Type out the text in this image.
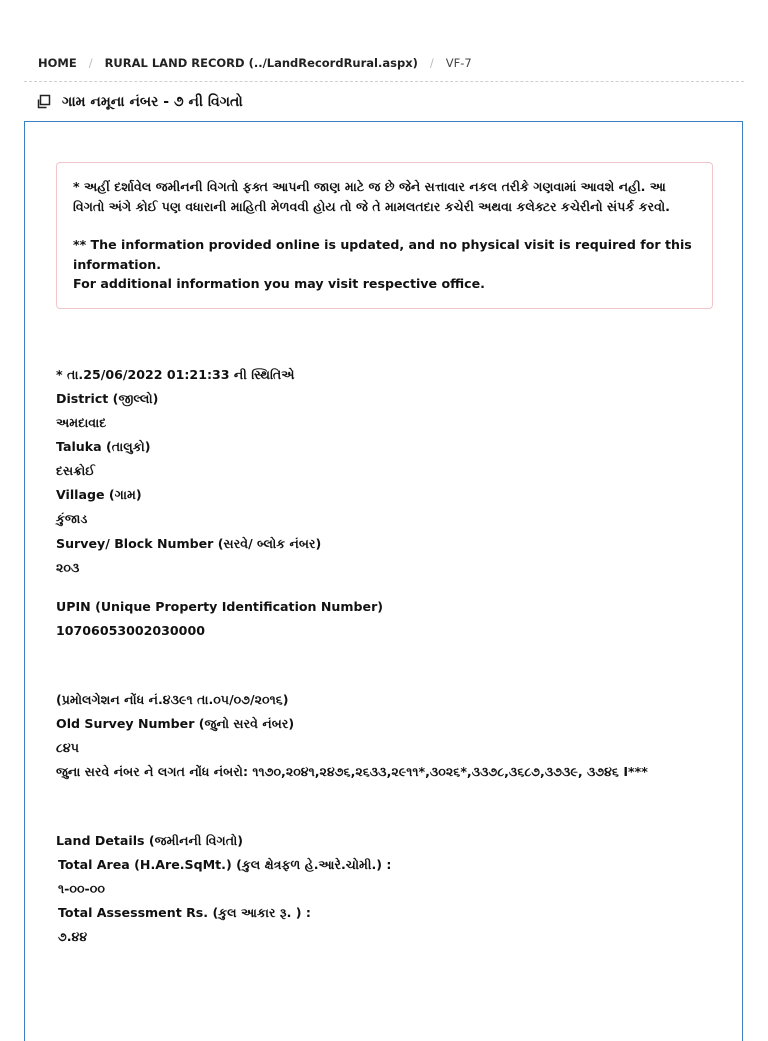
HOME / RURAL LAND RECORD (../LandRecordRural.aspx) / VF-7
ગામ નમૂના નંબર - ૭ ની વિગતો

* અહીં દર્શાવેલ જમીનની વિગતો ફક્ત આપની જાણ માટે જ છે જેને સત્તાવાર નકલ તરીકે ગણવામાં આવશે નહી. આ વિગતો અંગે કોઈ પણ વધારાની માહિતી મેળવવી હોય તો જે તે મામલતદાર કચેરી અથવા કલેક્ટર કચેરીનો સંપર્ક કરવો.

** The information provided online is updated, and no physical visit is required for this information.

For additional information you may visit respective office.

* તા.25/06/2022 01:21:33 ની સ્થિતિએ
District (જીલ્લો)
અમદાવાદ
Taluka (તાલુકો)
દસક્રોઈ
Village (ગામ)
કુંજાડ
Survey/ Block Number (સરવે/ બ્લોક નંબર)
૨૦૩
UPIN (Unique Property Identification Number)
10706053002030000
(પ્રમોલગેશન નોંધ નં.૪૩૯૧ તા.૦૫/૦૭/૨૦૧૬)
Old Survey Number (જુનો સરવે નંબર)
૮૪૫
જુના સરવે નંબર ને લગત નોંધ નંબરો: ૧૧૭૦,૨૦૪૧,૨૪૭૬,૨૬૩૩,૨૯૧૧*,૩૦૨૬*,૩૩૭૮,૩૬૮૭,૩૭૩૯, ૩૭૪૬ I***
Land Details (જમીનની વિગતો)
Total Area (H.Are.SqMt.) (કુલ ક્ષેત્રફળ હે.આરે.ચોમી.) :
૧-૦૦-૦૦
Total Assessment Rs. (કુલ આકાર રૂ. ) :
૭.૪૪
